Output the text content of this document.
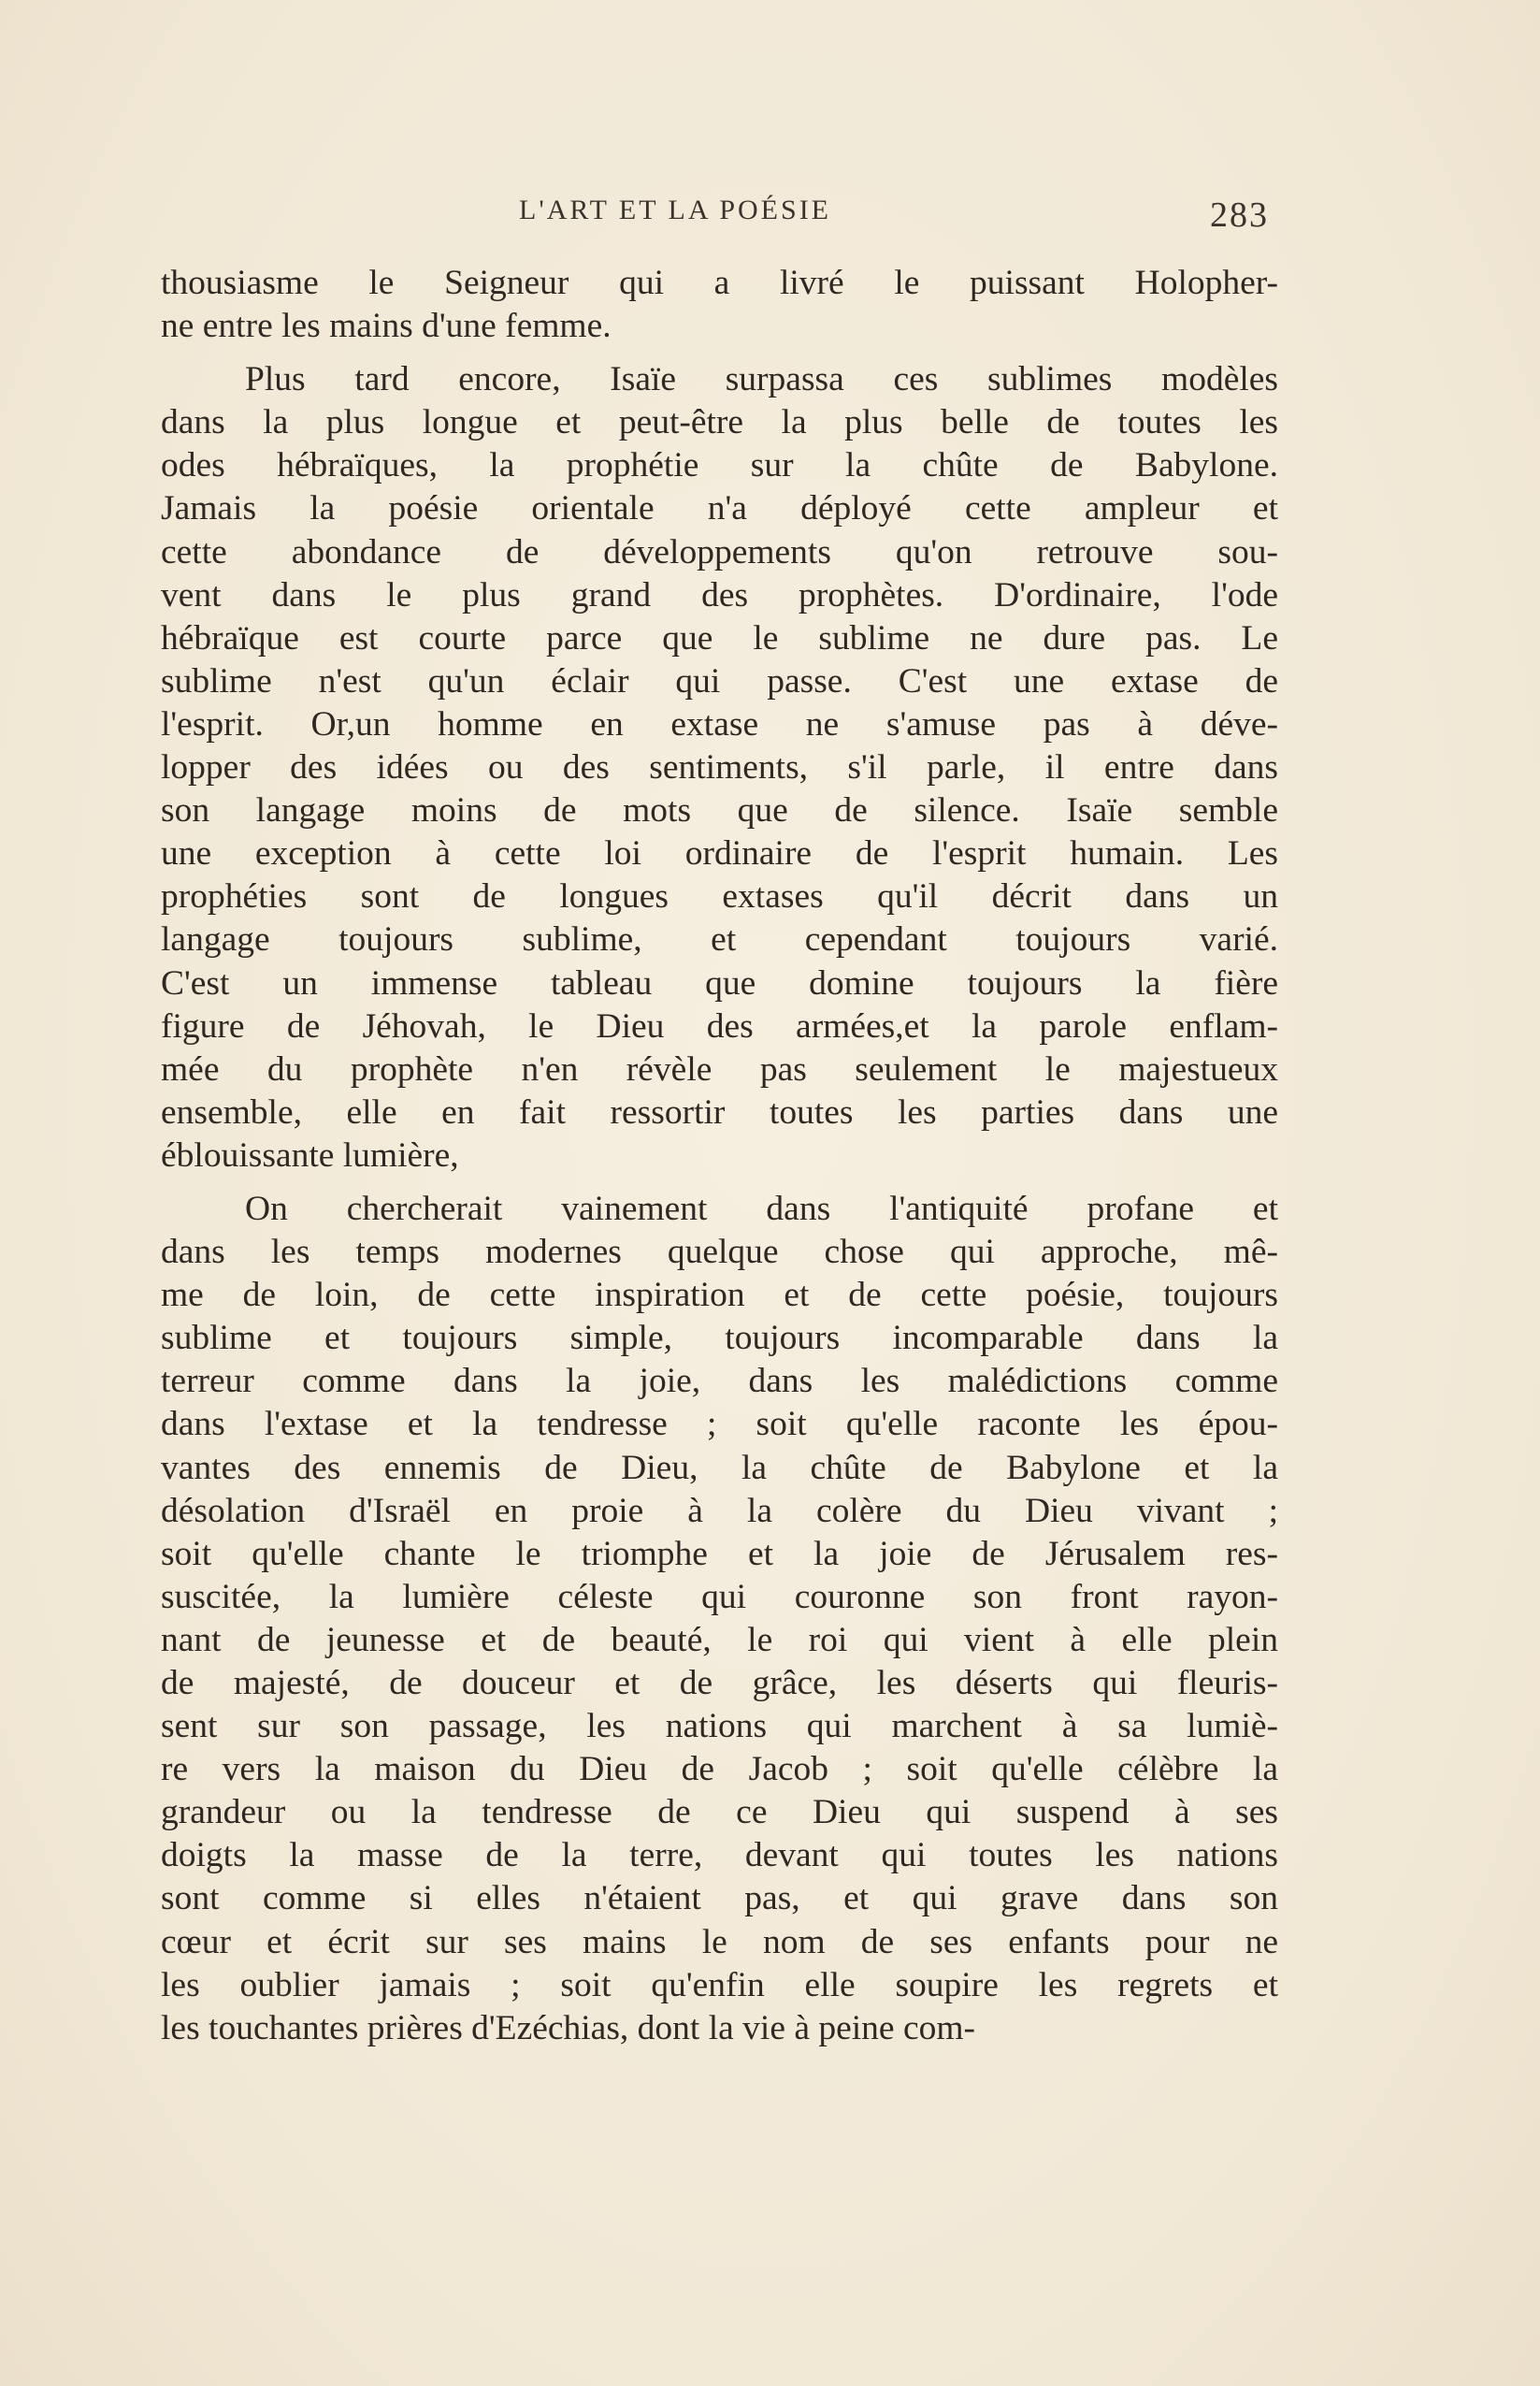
L'ART ET LA POÉSIE	283
thousiasme le Seigneur qui a livré le puissant Holopher-
ne entre les mains d'une femme.
Plus tard encore, Isaïe surpassa ces sublimes modèles
dans la plus longue et peut-être la plus belle de toutes les
odes hébraïques, la prophétie sur la chûte de Babylone.
Jamais la poésie orientale n'a déployé cette ampleur et
cette abondance de développements qu'on retrouve sou-
vent dans le plus grand des prophètes. D'ordinaire, l'ode
hébraïque est courte parce que le sublime ne dure pas. Le
sublime n'est qu'un éclair qui passe. C'est une extase de
l'esprit. Or,un homme en extase ne s'amuse pas à déve-
lopper des idées ou des sentiments, s'il parle, il entre dans
son langage moins de mots que de silence. Isaïe semble
une exception à cette loi ordinaire de l'esprit humain. Les
prophéties sont de longues extases qu'il décrit dans un
langage toujours sublime, et cependant toujours varié.
C'est un immense tableau que domine toujours la fière
figure de Jéhovah, le Dieu des armées,et la parole enflam-
mée du prophète n'en révèle pas seulement le majestueux
ensemble, elle en fait ressortir toutes les parties dans une
éblouissante lumière,
On chercherait vainement dans l'antiquité profane et
dans les temps modernes quelque chose qui approche, mê-
me de loin, de cette inspiration et de cette poésie, toujours
sublime et toujours simple, toujours incomparable dans la
terreur comme dans la joie, dans les malédictions comme
dans l'extase et la tendresse ; soit qu'elle raconte les épou-
vantes des ennemis de Dieu, la chûte de Babylone et la
désolation d'Israël en proie à la colère du Dieu vivant ;
soit qu'elle chante le triomphe et la joie de Jérusalem res-
suscitée, la lumière céleste qui couronne son front rayon-
nant de jeunesse et de beauté, le roi qui vient à elle plein
de majesté, de douceur et de grâce, les déserts qui fleuris-
sent sur son passage, les nations qui marchent à sa lumiè-
re vers la maison du Dieu de Jacob ; soit qu'elle célèbre la
grandeur ou la tendresse de ce Dieu qui suspend à ses
doigts la masse de la terre, devant qui toutes les nations
sont comme si elles n'étaient pas, et qui grave dans son
cœur et écrit sur ses mains le nom de ses enfants pour ne
les oublier jamais ; soit qu'enfin elle soupire les regrets et
les touchantes prières d'Ezéchias, dont la vie à peine com-
